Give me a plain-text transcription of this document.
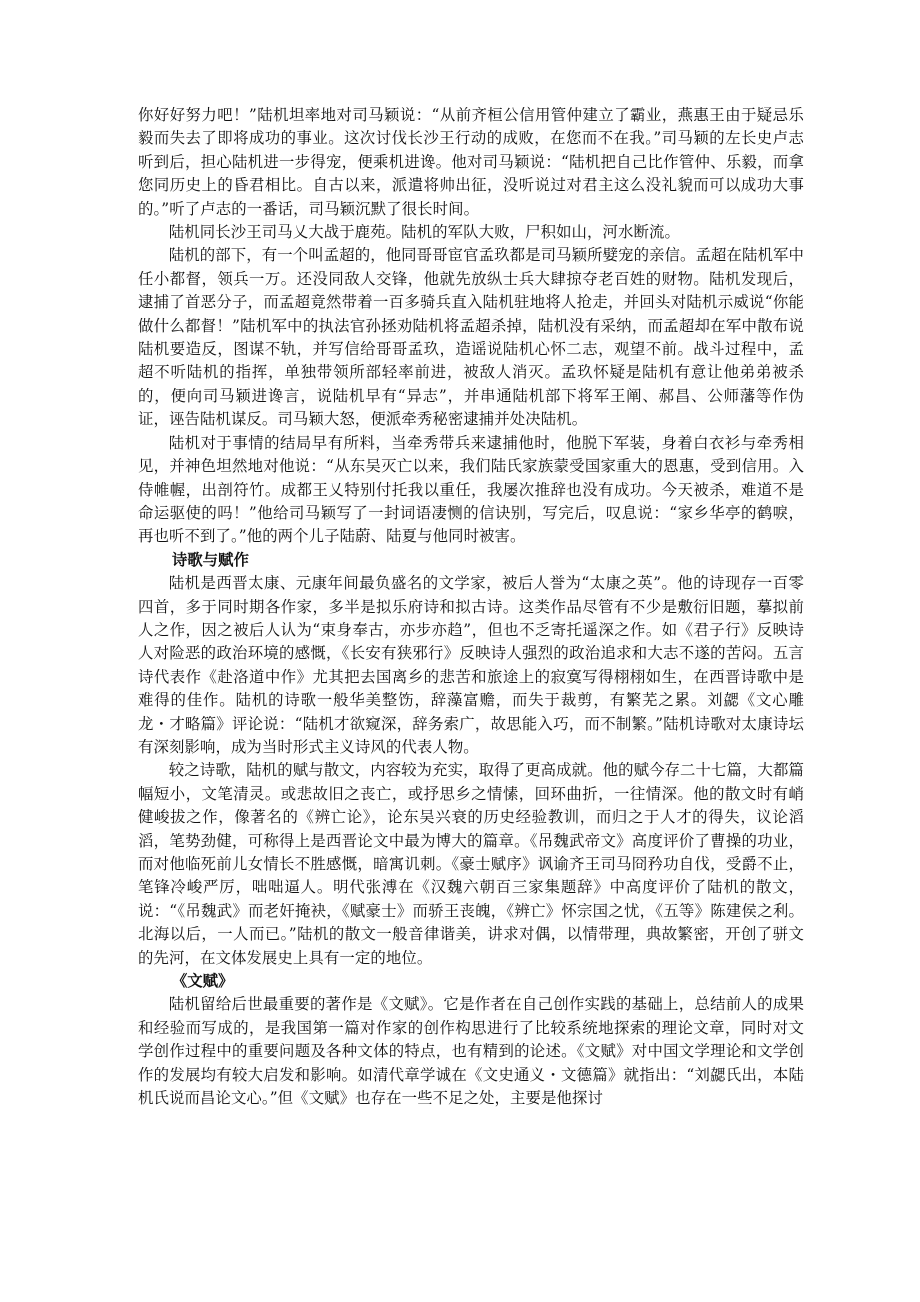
你好好努力吧！”陆机坦率地对司马颖说：“从前齐桓公信用管仲建立了霸业，燕惠王由于疑忌乐毅而失去了即将成功的事业。这次讨伐长沙王行动的成败，在您而不在我。”司马颖的左长史卢志听到后，担心陆机进一步得宠，便乘机进谗。他对司马颖说：“陆机把自己比作管仲、乐毅，而拿您同历史上的昏君相比。自古以来，派遣将帅出征，没听说过对君主这么没礼貌而可以成功大事的。”听了卢志的一番话，司马颖沉默了很长时间。

陆机同长沙王司马乂大战于鹿苑。陆机的军队大败，尸积如山，河水断流。

陆机的部下，有一个叫孟超的，他同哥哥宦官孟玖都是司马颖所嬖宠的亲信。孟超在陆机军中任小都督，领兵一万。还没同敌人交锋，他就先放纵士兵大肆掠夺老百姓的财物。陆机发现后，逮捕了首恶分子，而孟超竟然带着一百多骑兵直入陆机驻地将人抢走，并回头对陆机示威说“你能做什么都督！”陆机军中的执法官孙拯劝陆机将孟超杀掉，陆机没有采纳，而孟超却在军中散布说陆机要造反，图谋不轨，并写信给哥哥孟玖，造谣说陆机心怀二志，观望不前。战斗过程中，孟超不听陆机的指挥，单独带领所部轻率前进，被敌人消灭。孟玖怀疑是陆机有意让他弟弟被杀的，便向司马颖进谗言，说陆机早有“异志”，并串通陆机部下将军王阐、郝昌、公师藩等作伪证，诬告陆机谋反。司马颖大怒，便派牵秀秘密逮捕并处决陆机。

陆机对于事情的结局早有所料，当牵秀带兵来逮捕他时，他脱下军装，身着白衣衫与牵秀相见，并神色坦然地对他说：“从东吴灭亡以来，我们陆氏家族蒙受国家重大的恩惠，受到信用。入侍帷幄，出剖符竹。成都王乂特别付托我以重任，我屡次推辞也没有成功。今天被杀，难道不是命运驱使的吗！”他给司马颖写了一封词语凄恻的信诀别，写完后，叹息说：“家乡华亭的鹤唳，再也听不到了。”他的两个儿子陆蔚、陆夏与他同时被害。

诗歌与赋作

陆机是西晋太康、元康年间最负盛名的文学家，被后人誉为“太康之英”。他的诗现存一百零四首，多于同时期各作家，多半是拟乐府诗和拟古诗。这类作品尽管有不少是敷衍旧题，摹拟前人之作，因之被后人认为“束身奉古，亦步亦趋”，但也不乏寄托遥深之作。如《君子行》反映诗人对险恶的政治环境的感慨，《长安有狭邪行》反映诗人强烈的政治追求和大志不遂的苦闷。五言诗代表作《赴洛道中作》尤其把去国离乡的悲苦和旅途上的寂寞写得栩栩如生，在西晋诗歌中是难得的佳作。陆机的诗歌一般华美整饬，辞藻富赡，而失于裁剪，有繁芜之累。刘勰《文心雕龙・才略篇》评论说：“陆机才欲窥深，辞务索广，故思能入巧，而不制繁。”陆机诗歌对太康诗坛有深刻影响，成为当时形式主义诗风的代表人物。

较之诗歌，陆机的赋与散文，内容较为充实，取得了更高成就。他的赋今存二十七篇，大都篇幅短小，文笔清灵。或悲故旧之丧亡，或抒思乡之情愫，回环曲折，一往情深。他的散文时有峭健峻拔之作，像著名的《辨亡论》，论东吴兴衰的历史经验教训，而归之于人才的得失，议论滔滔，笔势劲健，可称得上是西晋论文中最为博大的篇章。《吊魏武帝文》高度评价了曹操的功业，而对他临死前儿女情长不胜感慨，暗寓讥刺。《豪士赋序》讽谕齐王司马冏矜功自伐，受爵不止，笔锋冷峻严厉，咄咄逼人。明代张溥在《汉魏六朝百三家集题辞》中高度评价了陆机的散文，说：“《吊魏武》而老奸掩袂，《赋豪士》而骄王丧魄，《辨亡》怀宗国之忧，《五等》陈建侯之利。北海以后，一人而已。”陆机的散文一般音律谐美，讲求对偶，以情带理，典故繁密，开创了骈文的先河，在文体发展史上具有一定的地位。

《文赋》

陆机留给后世最重要的著作是《文赋》。它是作者在自己创作实践的基础上，总结前人的成果和经验而写成的，是我国第一篇对作家的创作构思进行了比较系统地探索的理论文章，同时对文学创作过程中的重要问题及各种文体的特点，也有精到的论述。《文赋》对中国文学理论和文学创作的发展均有较大启发和影响。如清代章学诚在《文史通义・文德篇》就指出：“刘勰氏出，本陆机氏说而昌论文心。”但《文赋》也存在一些不足之处，主要是他探讨
